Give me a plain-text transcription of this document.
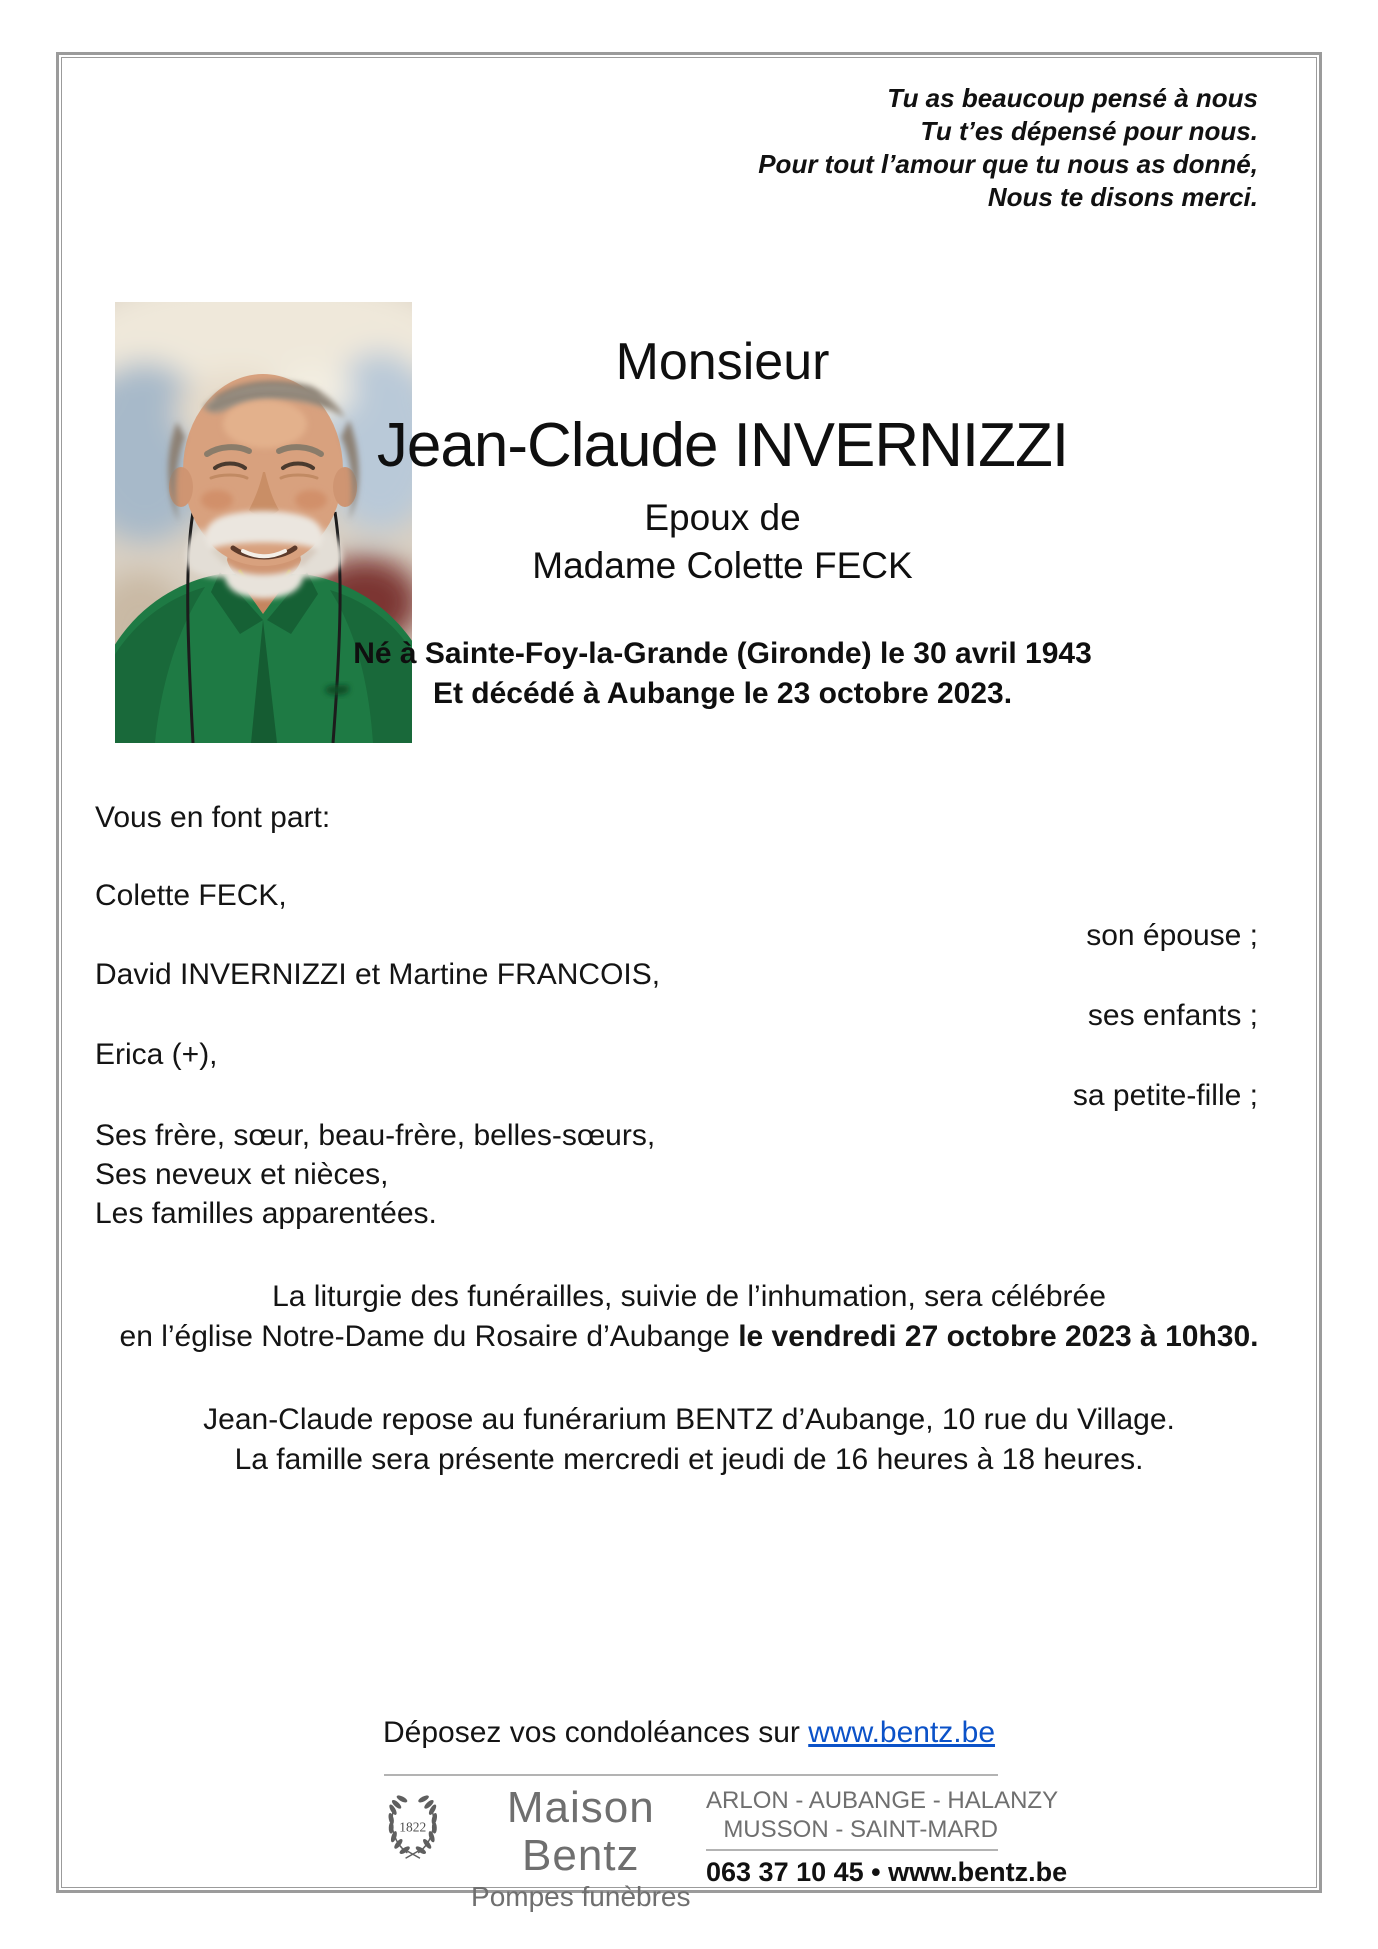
Tu as beaucoup pensé à nous
Tu t’es dépensé pour nous.
Pour tout l’amour que tu nous as donné,
Nous te disons merci.
Monsieur
Jean-Claude INVERNIZZI
Epoux de
Madame Colette FECK
Né à Sainte-Foy-la-Grande (Gironde) le 30 avril 1943
Et décédé à Aubange le 23 octobre 2023.
Vous en font part:
Colette FECK,
son épouse ;
David INVERNIZZI et Martine FRANCOIS,
ses enfants ;
Erica (+),
sa petite-fille ;
Ses frère, sœur, beau-frère, belles-sœurs,
Ses neveux et nièces,
Les familles apparentées.
La liturgie des funérailles, suivie de l’inhumation, sera célébrée
en l’église Notre-Dame du Rosaire d’Aubange le vendredi 27 octobre 2023 à 10h30.
Jean-Claude repose au funérarium BENTZ d’Aubange, 10 rue du Village.
La famille sera présente mercredi et jeudi de 16 heures à 18 heures.
Déposez vos condoléances sur www.bentz.be
1822	Maison Bentz
Pompes funèbres
ARLON - AUBANGE - HALANZY
MUSSON - SAINT-MARD
063 37 10 45 • www.bentz.be
